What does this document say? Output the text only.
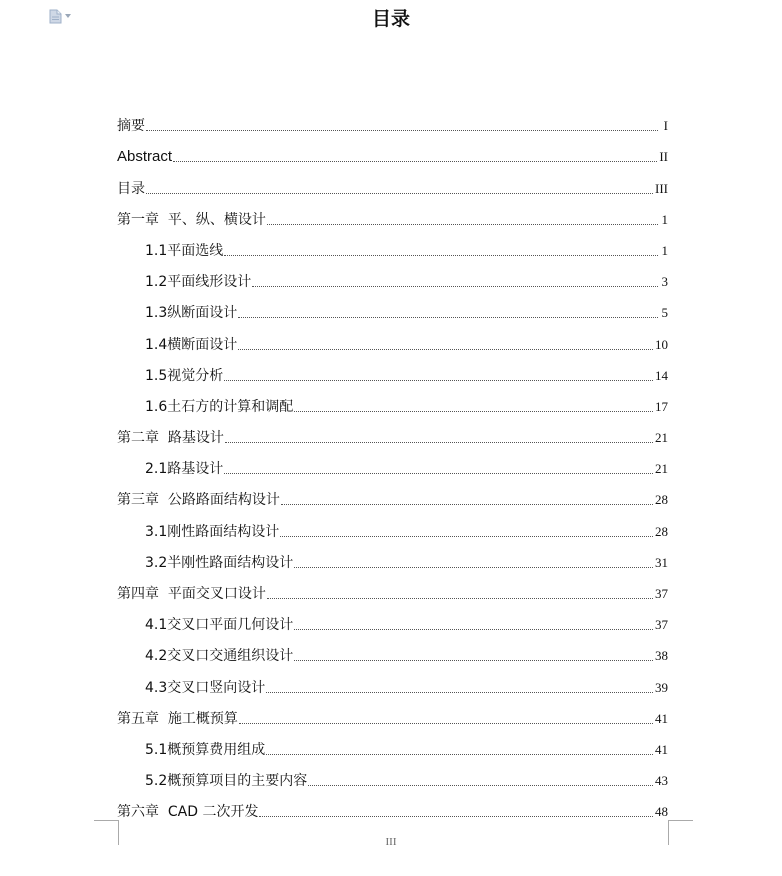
目录
摘要	I
Abstract	II
目录	III
第一章  平、纵、横设计	1
1.1平面选线	1
1.2平面线形设计	3
1.3纵断面设计	5
1.4横断面设计	10
1.5视觉分析	14
1.6土石方的计算和调配	17
第二章  路基设计	21
2.1路基设计	21
第三章  公路路面结构设计	28
3.1刚性路面结构设计	28
3.2半刚性路面结构设计	31
第四章  平面交叉口设计	37
4.1交叉口平面几何设计	37
4.2交叉口交通组织设计	38
4.3交叉口竖向设计	39
第五章  施工概预算	41
5.1概预算费用组成	41
5.2概预算项目的主要内容	43
第六章  CAD 二次开发	48
III
